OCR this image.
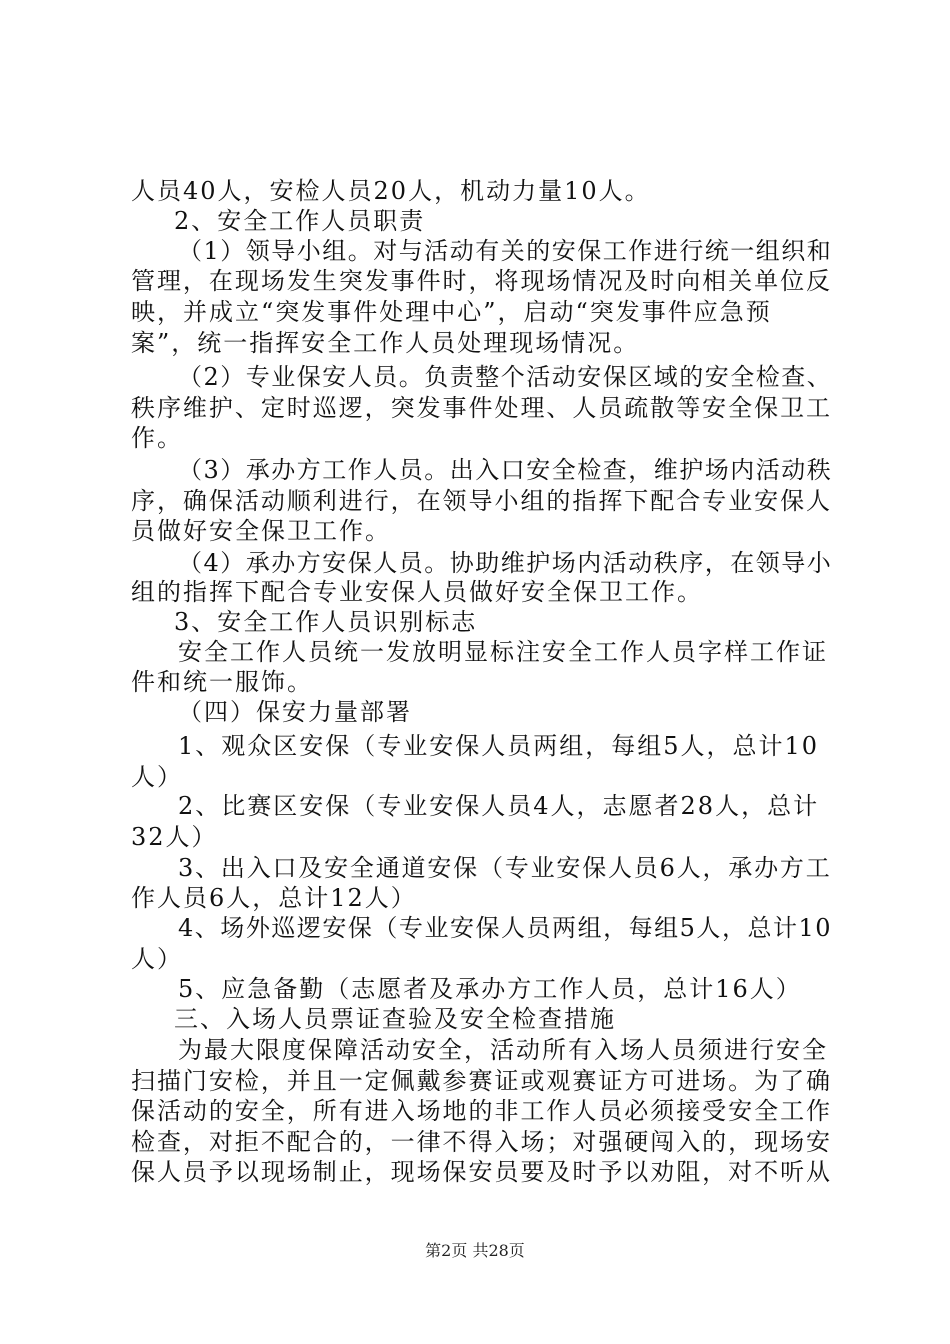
人员40人，安检人员20人，机动力量10人。
2、安全工作人员职责
（1）领导小组。对与活动有关的安保工作进行统一组织和
管理，在现场发生突发事件时，将现场情况及时向相关单位反
映，并成立“突发事件处理中心”，启动“突发事件应急预
案”，统一指挥安全工作人员处理现场情况。
（2）专业保安人员。负责整个活动安保区域的安全检查、
秩序维护、定时巡逻，突发事件处理、人员疏散等安全保卫工
作。
（3）承办方工作人员。出入口安全检查，维护场内活动秩
序，确保活动顺利进行，在领导小组的指挥下配合专业安保人
员做好安全保卫工作。
（4）承办方安保人员。协助维护场内活动秩序，在领导小
组的指挥下配合专业安保人员做好安全保卫工作。
3、安全工作人员识别标志
安全工作人员统一发放明显标注安全工作人员字样工作证
件和统一服饰。
（四）保安力量部署
1、观众区安保（专业安保人员两组，每组5人，总计10
人）
2、比赛区安保（专业安保人员4人，志愿者28人，总计
32人）
3、出入口及安全通道安保（专业安保人员6人，承办方工
作人员6人，总计12人）
4、场外巡逻安保（专业安保人员两组，每组5人，总计10
人）
5、应急备勤（志愿者及承办方工作人员，总计16人）
三、入场人员票证查验及安全检查措施
为最大限度保障活动安全，活动所有入场人员须进行安全
扫描门安检，并且一定佩戴参赛证或观赛证方可进场。为了确
保活动的安全，所有进入场地的非工作人员必须接受安全工作
检查，对拒不配合的，一律不得入场；对强硬闯入的，现场安
保人员予以现场制止，现场保安员要及时予以劝阻，对不听从
第2页 共28页
